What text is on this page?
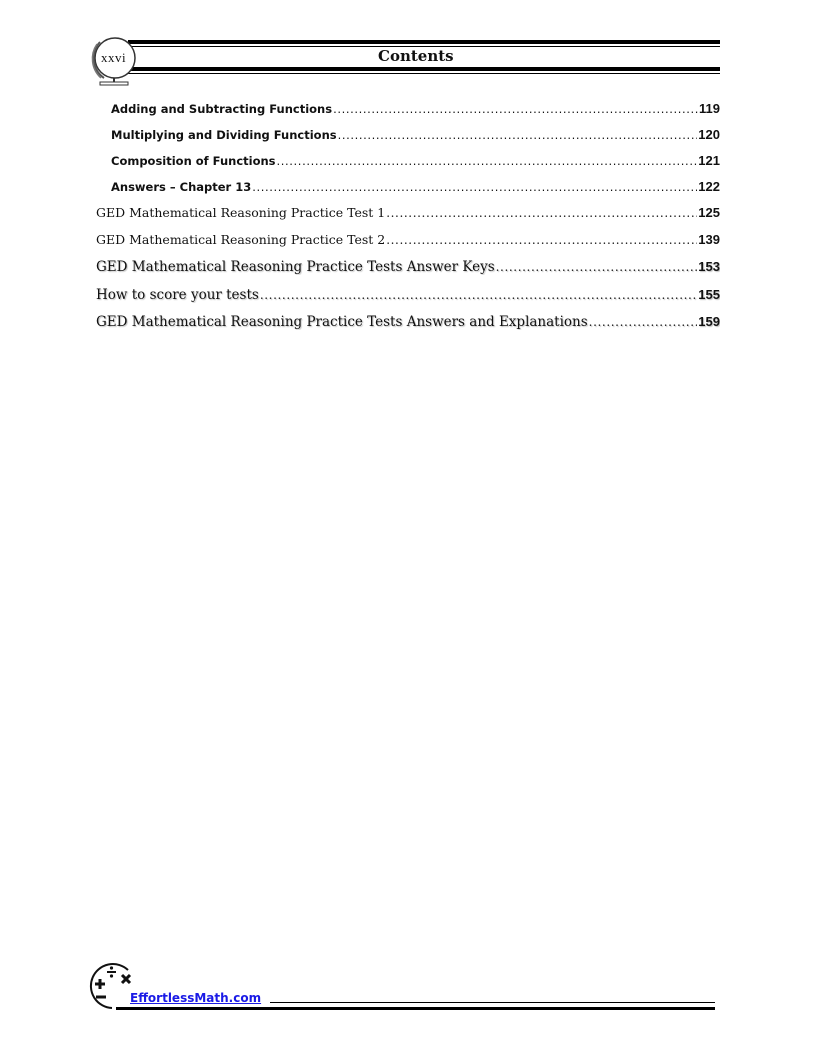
xxvi	Contents
Adding and Subtracting Functions .....	119
Multiplying and Dividing Functions .....	120
Composition of Functions .....	121
Answers – Chapter 13 .....	122
GED Mathematical Reasoning Practice Test 1 .....	125
GED Mathematical Reasoning Practice Test 2 .....	139
GED Mathematical Reasoning Practice Tests Answer Keys .....	153
How to score your tests .....	155
GED Mathematical Reasoning Practice Tests Answers and Explanations .....	159
EffortlessMath.com
